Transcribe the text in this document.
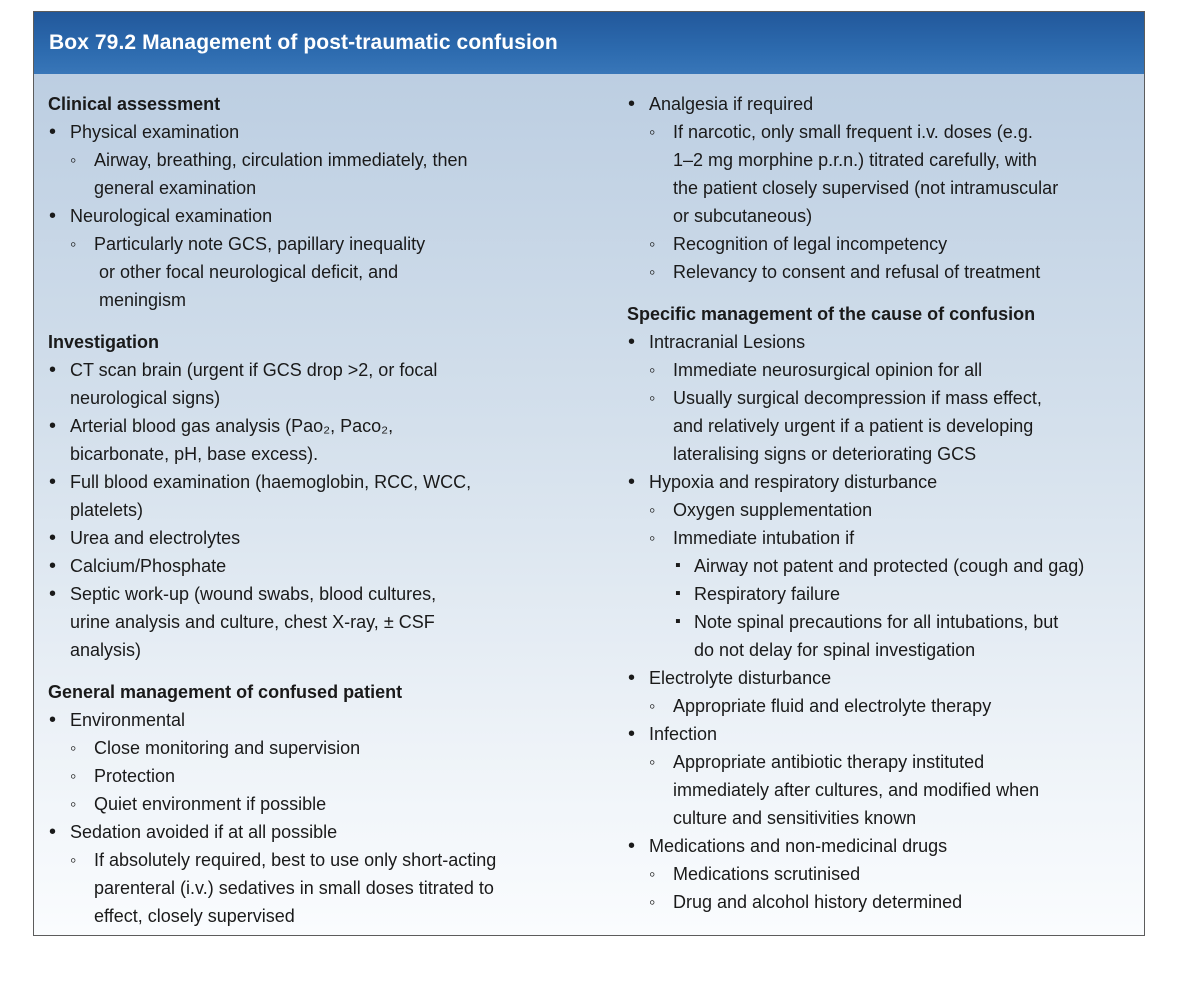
Box 79.2 Management of post-traumatic confusion
Clinical assessment
• Physical examination
◦ Airway, breathing, circulation immediately, then
general examination
• Neurological examination
◦ Particularly note GCS, papillary inequality
or other focal neurological deficit, and
meningism
Investigation
• CT scan brain (urgent if GCS drop >2, or focal
neurological signs)
• Arterial blood gas analysis (Pao₂, Paco₂,
bicarbonate, pH, base excess).
• Full blood examination (haemoglobin, RCC, WCC,
platelets)
• Urea and electrolytes
• Calcium/Phosphate
• Septic work-up (wound swabs, blood cultures,
urine analysis and culture, chest X-ray, ± CSF
analysis)
General management of confused patient
• Environmental
◦ Close monitoring and supervision
◦ Protection
◦ Quiet environment if possible
• Sedation avoided if at all possible
◦ If absolutely required, best to use only short-acting
parenteral (i.v.) sedatives in small doses titrated to
effect, closely supervised
• Analgesia if required
◦ If narcotic, only small frequent i.v. doses (e.g.
1–2 mg morphine p.r.n.) titrated carefully, with
the patient closely supervised (not intramuscular
or subcutaneous)
◦ Recognition of legal incompetency
◦ Relevancy to consent and refusal of treatment
Specific management of the cause of confusion
• Intracranial Lesions
◦ Immediate neurosurgical opinion for all
◦ Usually surgical decompression if mass effect,
and relatively urgent if a patient is developing
lateralising signs or deteriorating GCS
• Hypoxia and respiratory disturbance
◦ Oxygen supplementation
◦ Immediate intubation if
▪ Airway not patent and protected (cough and gag)
▪ Respiratory failure
▪ Note spinal precautions for all intubations, but
do not delay for spinal investigation
• Electrolyte disturbance
◦ Appropriate fluid and electrolyte therapy
• Infection
◦ Appropriate antibiotic therapy instituted
immediately after cultures, and modified when
culture and sensitivities known
• Medications and non-medicinal drugs
◦ Medications scrutinised
◦ Drug and alcohol history determined
